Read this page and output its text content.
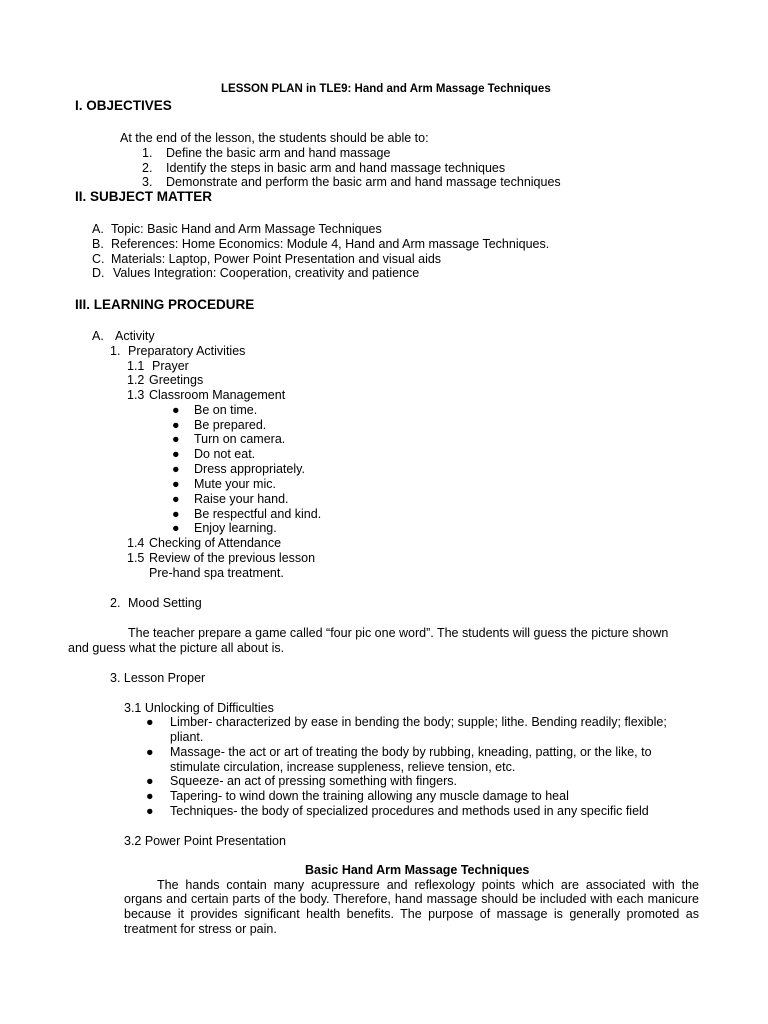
LESSON PLAN in TLE9: Hand and Arm Massage Techniques
I. OBJECTIVES
At the end of the lesson, the students should be able to:
1. Define the basic arm and hand massage
2. Identify the steps in basic arm and hand massage techniques
3. Demonstrate and perform the basic arm and hand massage techniques
II. SUBJECT MATTER
A. Topic: Basic Hand and Arm Massage Techniques
B. References: Home Economics: Module 4, Hand and Arm massage Techniques.
C. Materials: Laptop, Power Point Presentation and visual aids
D. Values Integration: Cooperation, creativity and patience
III. LEARNING PROCEDURE
A. Activity
1. Preparatory Activities
1.1 Prayer
1.2 Greetings
1.3 Classroom Management
● Be on time.
● Be prepared.
● Turn on camera.
● Do not eat.
● Dress appropriately.
● Mute your mic.
● Raise your hand.
● Be respectful and kind.
● Enjoy learning.
1.4 Checking of Attendance
1.5 Review of the previous lesson
Pre-hand spa treatment.
2. Mood Setting
The teacher prepare a game called “four pic one word”. The students will guess the picture shown
and guess what the picture all about is.
3. Lesson Proper
3.1 Unlocking of Difficulties
● Limber- characterized by ease in bending the body; supple; lithe. Bending readily; flexible;
pliant.
● Massage- the act or art of treating the body by rubbing, kneading, patting, or the like, to
stimulate circulation, increase suppleness, relieve tension, etc.
● Squeeze- an act of pressing something with fingers.
● Tapering- to wind down the training allowing any muscle damage to heal
● Techniques- the body of specialized procedures and methods used in any specific field
3.2 Power Point Presentation
Basic Hand Arm Massage Techniques
The hands contain many acupressure and reflexology points which are associated with the
organs and certain parts of the body. Therefore, hand massage should be included with each manicure
because it provides significant health benefits. The purpose of massage is generally promoted as
treatment for stress or pain.
